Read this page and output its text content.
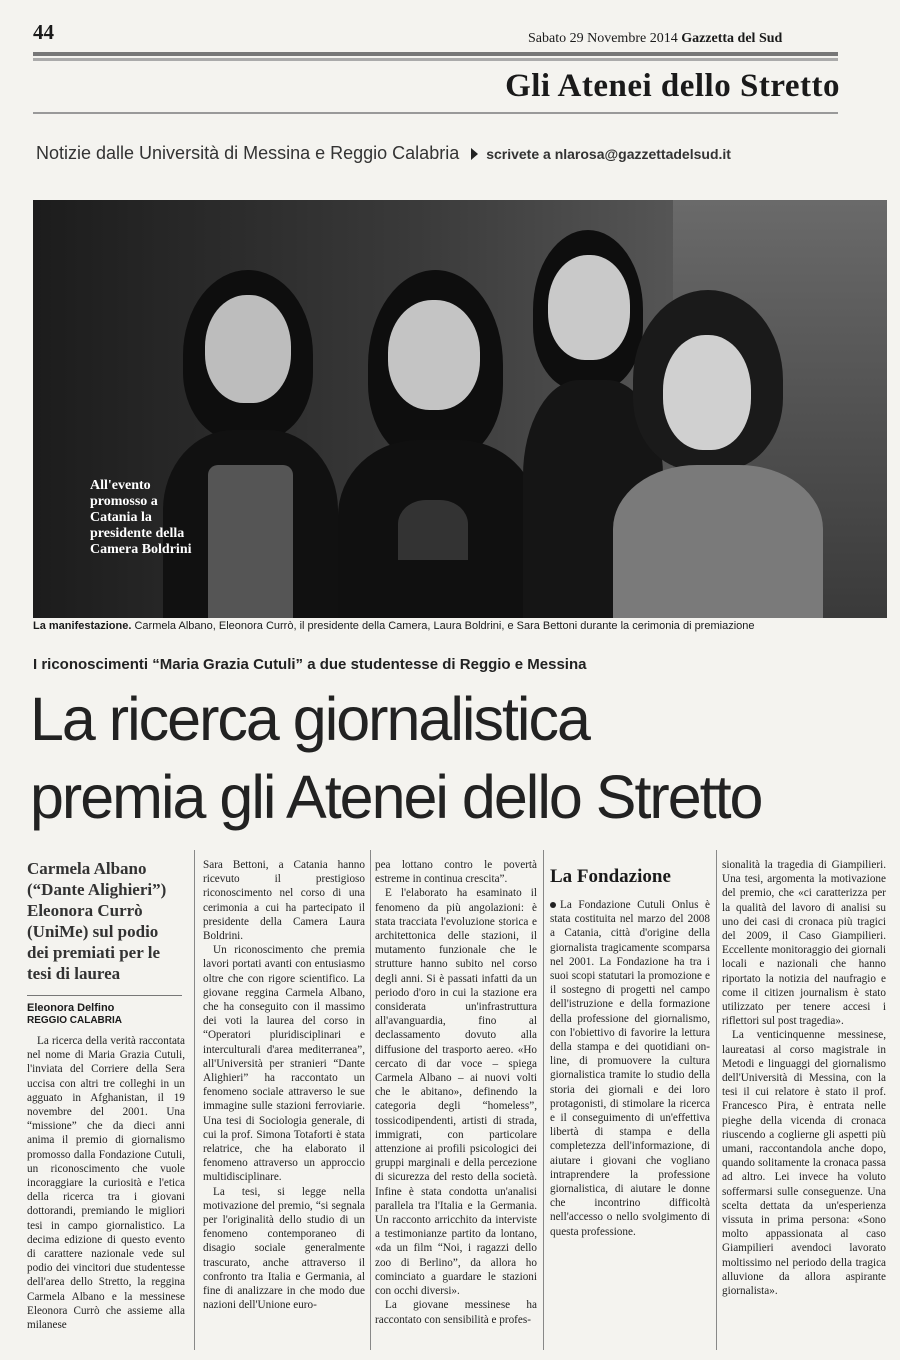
44	Sabato 29 Novembre 2014 Gazzetta del Sud
Gli Atenei dello Stretto
Notizie dalle Università di Messina e Reggio Calabria scrivete a nlarosa@gazzettadelsud.it
All'evento promosso a Catania la presidente della Camera Boldrini
La manifestazione. Carmela Albano, Eleonora Currò, il presidente della Camera, Laura Boldrini, e Sara Bettoni durante la cerimonia di premiazione
I riconoscimenti “Maria Grazia Cutuli” a due studentesse di Reggio e Messina
La ricerca giornalistica
premia gli Atenei dello Stretto
Carmela Albano (“Dante Alighieri”) Eleonora Currò (UniMe) sul podio dei premiati per le tesi di laurea
Eleonora Delfino
REGGIO CALABRIA

La ricerca della verità raccontata nel nome di Maria Grazia Cutuli, l'inviata del Corriere della Sera uccisa con altri tre colleghi in un agguato in Afghanistan, il 19 novembre del 2001. Una “missione” che da dieci anni anima il premio di giornalismo promosso dalla Fondazione Cutuli, un riconoscimento che vuole incoraggiare la curiosità e l'etica della ricerca tra i giovani dottorandi, premiando le migliori tesi in campo giornalistico. La decima edizione di questo evento di carattere nazionale vede sul podio dei vincitori due studentesse dell'area dello Stretto, la reggina Carmela Albano e la messinese Eleonora Currò che assieme alla milanese

Sara Bettoni, a Catania hanno ricevuto il prestigioso riconoscimento nel corso di una cerimonia a cui ha partecipato il presidente della Camera Laura Boldrini.

Un riconoscimento che premia lavori portati avanti con entusiasmo oltre che con rigore scientifico. La giovane reggina Carmela Albano, che ha conseguito con il massimo dei voti la laurea del corso in “Operatori pluridisciplinari e interculturali d'area mediterranea”, all'Università per stranieri “Dante Alighieri” ha raccontato un fenomeno sociale attraverso le sue immagine sulle stazioni ferroviarie. Una tesi di Sociologia generale, di cui la prof. Simona Totaforti è stata relatrice, che ha elaborato il fenomeno attraverso un approccio multidisciplinare.

La tesi, si legge nella motivazione del premio, “si segnala per l'originalità dello studio di un fenomeno contemporaneo di disagio sociale generalmente trascurato, anche attraverso il confronto tra Italia e Germania, al fine di analizzare in che modo due nazioni dell'Unione euro-

pea lottano contro le povertà estreme in continua crescita”.

E l'elaborato ha esaminato il fenomeno da più angolazioni: è stata tracciata l'evoluzione storica e architettonica delle stazioni, il mutamento funzionale che le strutture hanno subito nel corso degli anni. Si è passati infatti da un periodo d'oro in cui la stazione era considerata un'infrastruttura all'avanguardia, fino al declassamento dovuto alla diffusione del trasporto aereo. «Ho cercato di dar voce – spiega Carmela Albano – ai nuovi volti che le abitano», definendo la categoria degli “homeless”, tossicodipendenti, artisti di strada, immigrati, con particolare attenzione ai profili psicologici dei gruppi marginali e della percezione di sicurezza del resto della società. Infine è stata condotta un'analisi parallela tra l'Italia e la Germania. Un racconto arricchito da interviste a testimonianze partito da lontano, «da un film “Noi, i ragazzi dello zoo di Berlino”, da allora ho cominciato a guardare le stazioni con occhi diversi».

La giovane messinese ha raccontato con sensibilità e profes-

La Fondazione

La Fondazione Cutuli Onlus è stata costituita nel marzo del 2008 a Catania, città d'origine della giornalista tragicamente scomparsa nel 2001. La Fondazione ha tra i suoi scopi statutari la promozione e il sostegno di progetti nel campo dell'istruzione e della formazione della professione del giornalismo, con l'obiettivo di favorire la lettura della stampa e dei quotidiani on-line, di promuovere la cultura giornalistica tramite lo studio della storia dei giornali e dei loro protagonisti, di stimolare la ricerca e il conseguimento di un'effettiva libertà di stampa e della completezza dell'informazione, di aiutare i giovani che vogliano intraprendere la professione giornalistica, di aiutare le donne che incontrino difficoltà nell'accesso o nello svolgimento di questa professione.

sionalità la tragedia di Giampilieri. Una tesi, argomenta la motivazione del premio, che «ci caratterizza per la qualità del lavoro di analisi su uno dei casi di cronaca più tragici del 2009, il Caso Giampilieri. Eccellente monitoraggio dei giornali locali e nazionali che hanno riportato la notizia del naufragio e come il citizen journalism è stato utilizzato per tenere accesi i riflettori sul post tragedia».

La venticinquenne messinese, laureatasi al corso magistrale in Metodi e linguaggi del giornalismo dell'Università di Messina, con la tesi il cui relatore è stato il prof. Francesco Pira, è entrata nelle pieghe della vicenda di cronaca riuscendo a coglierne gli aspetti più umani, raccontandola anche dopo, quando solitamente la cronaca passa ad altro. Lei invece ha voluto soffermarsi sulle conseguenze. Una scelta dettata da un'esperienza vissuta in prima persona: «Sono molto appassionata al caso Giampilieri avendoci lavorato moltissimo nel periodo della tragica alluvione da allora aspirante giornalista».
